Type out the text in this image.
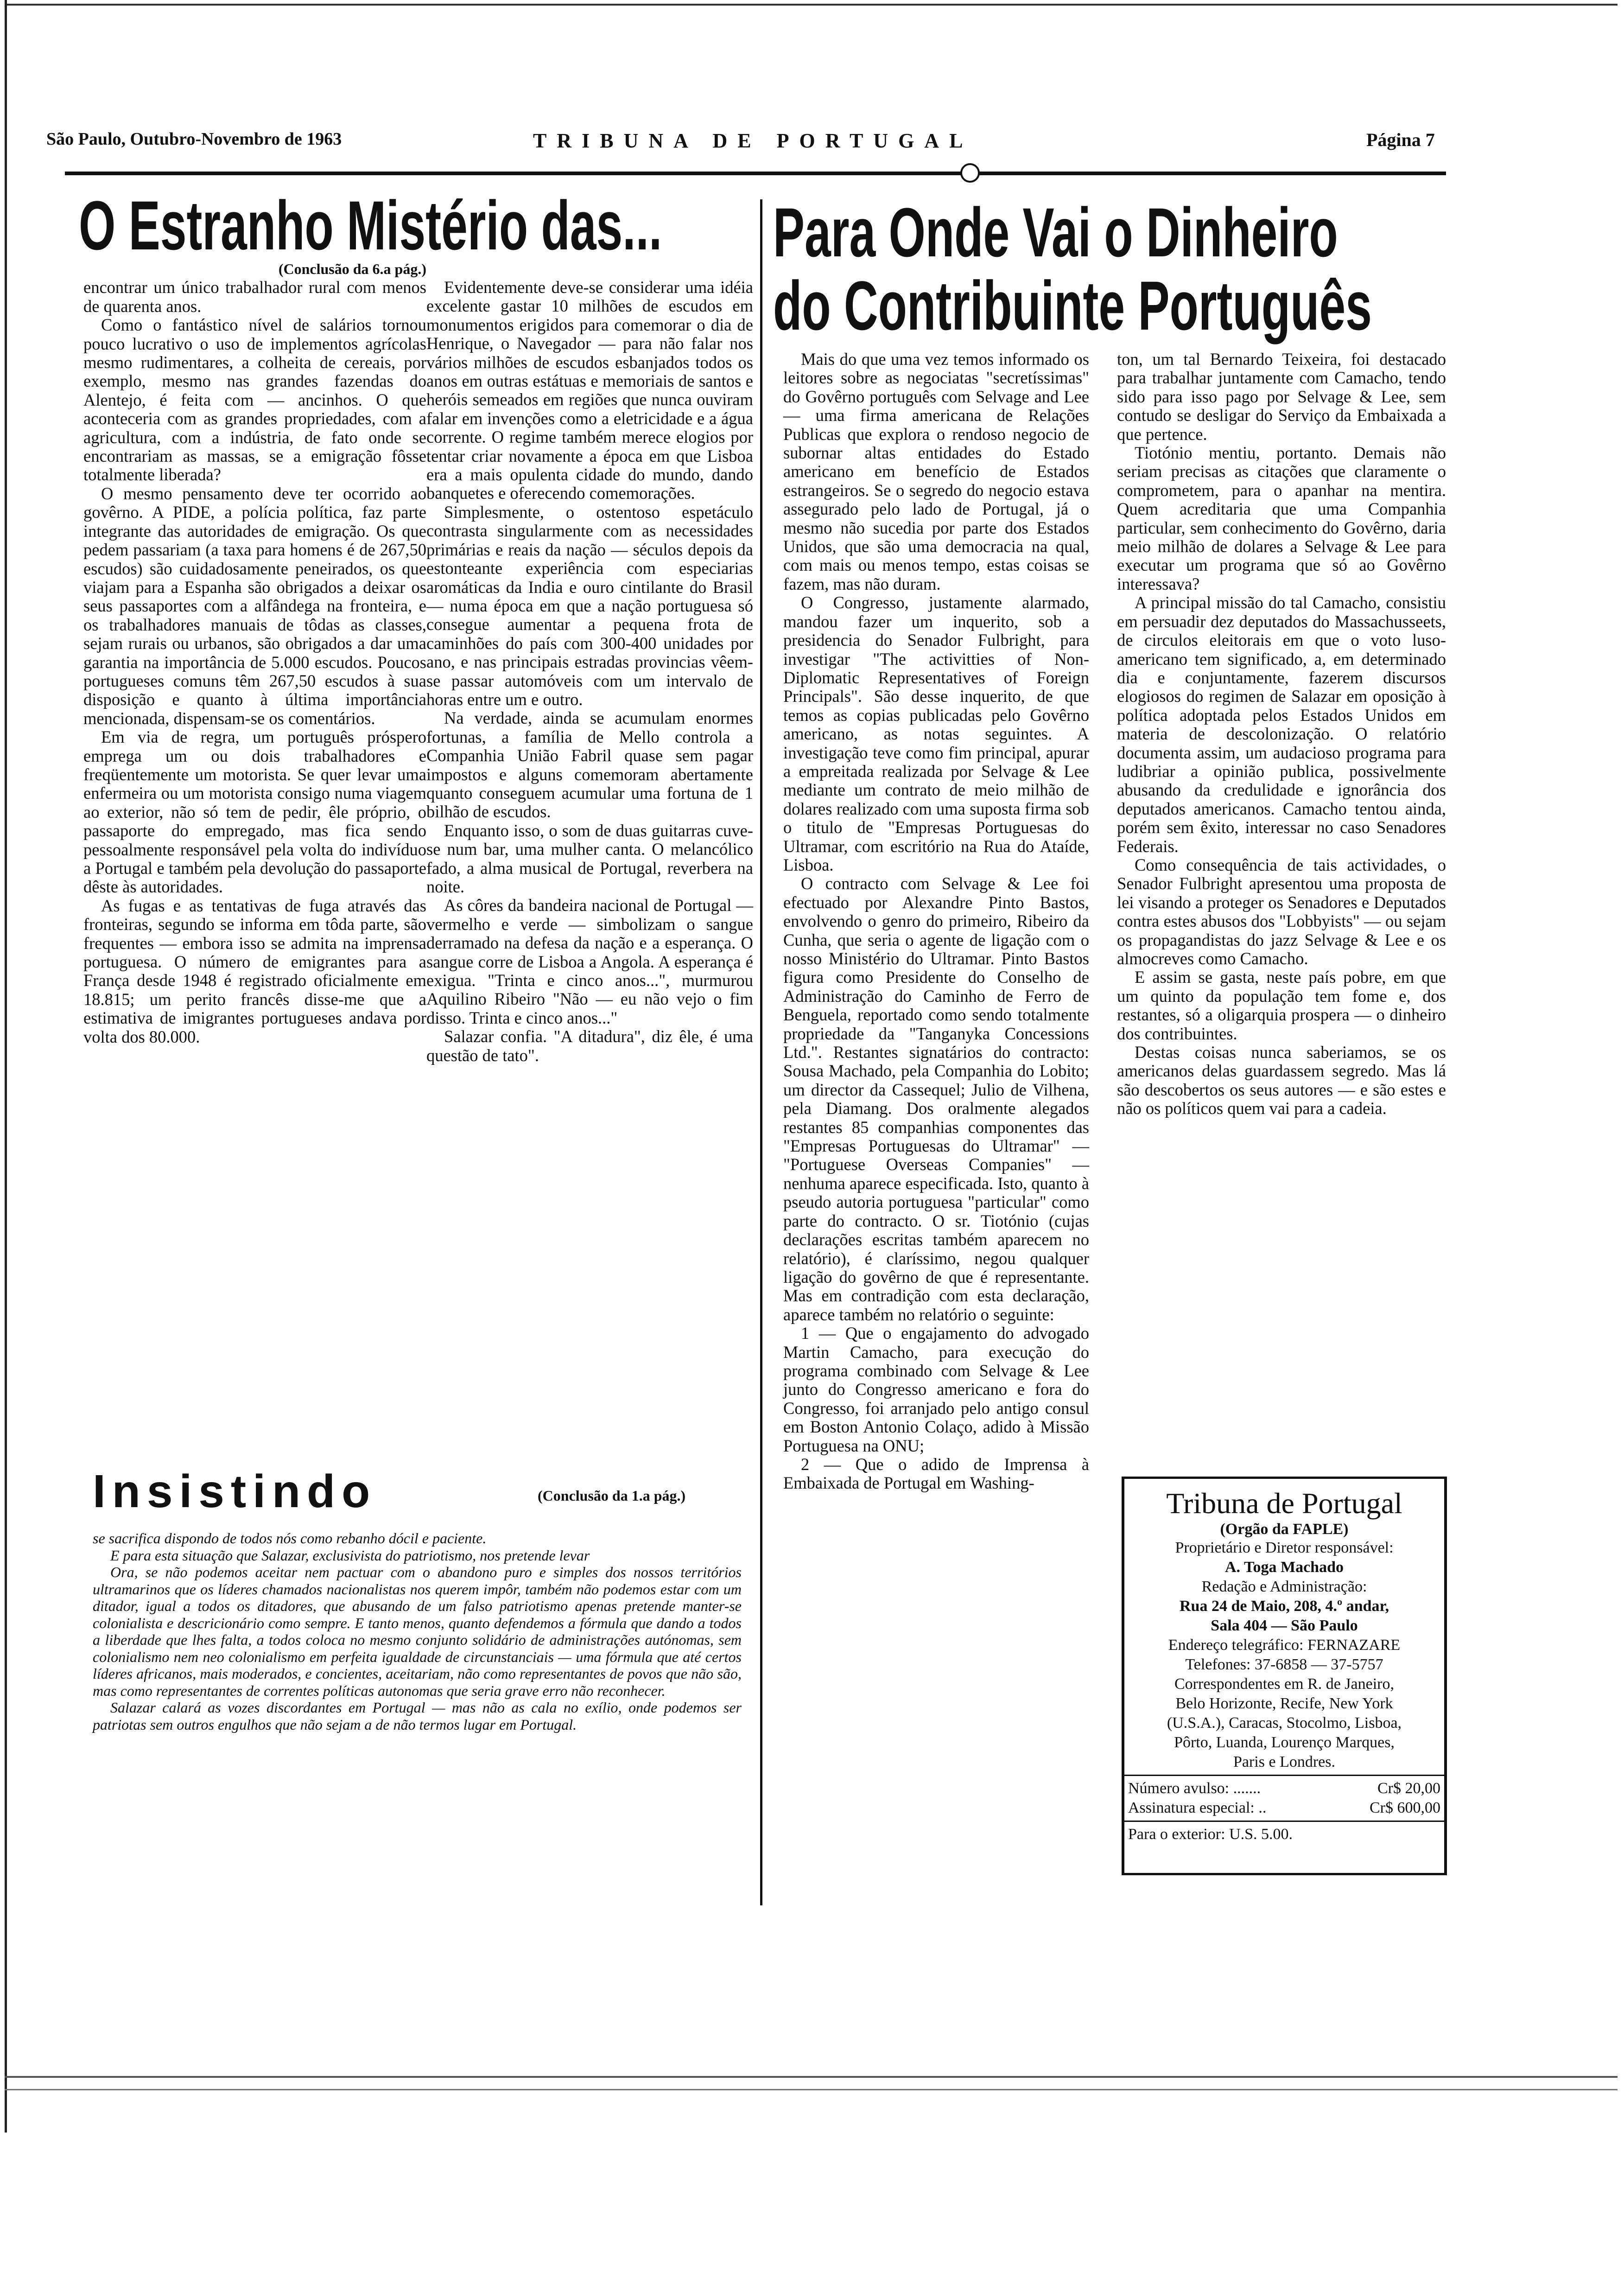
São Paulo, Outubro-Novembro de 1963	TRIBUNA DE PORTUGAL	Página 7
O Estranho Mistério das...

(Conclusão da 6.a pág.)

encontrar um único trabalhador rural com menos de quarenta anos.

Como o fantástico nível de salários tornou pouco lucrativo o uso de implementos agrícolas mesmo rudimentares, a colheita de cereais, por exemplo, mesmo nas grandes fazendas do Alentejo, é feita com — ancinhos. O que aconteceria com as grandes propriedades, com a agricultura, com a indústria, de fato onde se encontrariam as massas, se a emigração fôsse totalmente liberada?

O mesmo pensamento deve ter ocorrido ao govêrno. A PIDE, a polícia política, faz parte integrante das autoridades de emigração. Os que pedem passariam (a taxa para homens é de 267,50 escudos) são cuidadosamente peneirados, os que viajam para a Espanha são obrigados a deixar os seus passaportes com a alfândega na fronteira, e os trabalhadores manuais de tôdas as classes, sejam rurais ou urbanos, são obrigados a dar uma garantia na importância de 5.000 escudos. Poucos portugueses comuns têm 267,50 escudos à sua disposição e quanto à última importância mencionada, dispensam-se os comentários.

Em via de regra, um português próspero emprega um ou dois trabalhadores e freqüentemente um motorista. Se quer levar uma enfermeira ou um motorista consigo numa viagem ao exterior, não só tem de pedir, êle próprio, o passaporte do empregado, mas fica sendo pessoalmente responsável pela volta do indivíduo a Portugal e também pela devolução do passaporte dêste às autoridades.

As fugas e as tentativas de fuga através das fronteiras, segundo se informa em tôda parte, são frequentes — embora isso se admita na imprensa portuguesa. O número de emigrantes para a França desde 1948 é registrado oficialmente em 18.815; um perito francês disse-me que a estimativa de imigrantes portugueses andava por volta dos 80.000.

Evidentemente deve-se considerar uma idéia excelente gastar 10 milhões de escudos em monumentos erigidos para comemorar o dia de Henrique, o Navegador — para não falar nos vários milhões de escudos esbanjados todos os anos em outras estátuas e memoriais de santos e heróis semeados em regiões que nunca ouviram falar em invenções como a eletricidade e a água corrente. O regime também merece elogios por tentar criar novamente a época em que Lisboa era a mais opulenta cidade do mundo, dando banquetes e oferecendo comemorações.

Simplesmente, o ostentoso espetáculo contrasta singularmente com as necessidades primárias e reais da nação — séculos depois da estonteante experiência com especiarias aromáticas da India e ouro cintilante do Brasil — numa época em que a nação portuguesa só consegue aumentar a pequena frota de caminhões do país com 300-400 unidades por ano, e nas principais estradas provincias vêem-se passar automóveis com um intervalo de horas entre um e outro.

Na verdade, ainda se acumulam enormes fortunas, a família de Mello controla a Companhia União Fabril quase sem pagar impostos e alguns comemoram abertamente quanto conseguem acumular uma fortuna de 1 bilhão de escudos.

Enquanto isso, o som de duas guitarras cuve-se num bar, uma mulher canta. O melancólico fado, a alma musical de Portugal, reverbera na noite.

As côres da bandeira nacional de Portugal — vermelho e verde — simbolizam o sangue derramado na defesa da nação e a esperança. O sangue corre de Lisboa a Angola. A esperança é exigua. "Trinta e cinco anos...", murmurou Aquilino Ribeiro "Não — eu não vejo o fim disso. Trinta e cinco anos..."

Salazar confia. "A ditadura", diz êle, é uma questão de tato".

Insistindo	(Conclusão da 1.a pág.)

se sacrifica dispondo de todos nós como rebanho dócil e paciente.

E para esta situação que Salazar, exclusivista do patriotismo, nos pretende levar

Ora, se não podemos aceitar nem pactuar com o abandono puro e simples dos nossos territórios ultramarinos que os líderes chamados nacionalistas nos querem impôr, também não podemos estar com um ditador, igual a todos os ditadores, que abusando de um falso patriotismo apenas pretende manter-se colonialista e descricionário como sempre. E tanto menos, quanto defendemos a fórmula que dando a todos a liberdade que lhes falta, a todos coloca no mesmo conjunto solidário de administrações autónomas, sem colonialismo nem neo colonialismo em perfeita igualdade de circunstanciais — uma fórmula que até certos líderes africanos, mais moderados, e concientes, aceitariam, não como representantes de povos que não são, mas como representantes de correntes políticas autonomas que seria grave erro não reconhecer.

Salazar calará as vozes discordantes em Portugal — mas não as cala no exílio, onde podemos ser patriotas sem outros engulhos que não sejam a de não termos lugar em Portugal.

Para Onde Vai o Dinheiro
do Contribuinte Português

Mais do que uma vez temos informado os leitores sobre as negociatas "secretíssimas" do Govêrno português com Selvage and Lee — uma firma americana de Relações Publicas que explora o rendoso negocio de subornar altas entidades do Estado americano em benefício de Estados estrangeiros. Se o segredo do negocio estava assegurado pelo lado de Portugal, já o mesmo não sucedia por parte dos Estados Unidos, que são uma democracia na qual, com mais ou menos tempo, estas coisas se fazem, mas não duram.

O Congresso, justamente alarmado, mandou fazer um inquerito, sob a presidencia do Senador Fulbright, para investigar "The activitties of Non-Diplomatic Representatives of Foreign Principals". São desse inquerito, de que temos as copias publicadas pelo Govêrno americano, as notas seguintes. A investigação teve como fim principal, apurar a empreitada realizada por Selvage & Lee mediante um contrato de meio milhão de dolares realizado com uma suposta firma sob o titulo de "Empresas Portuguesas do Ultramar, com escritório na Rua do Ataíde, Lisboa.

O contracto com Selvage & Lee foi efectuado por Alexandre Pinto Bastos, envolvendo o genro do primeiro, Ribeiro da Cunha, que seria o agente de ligação com o nosso Ministério do Ultramar. Pinto Bastos figura como Presidente do Conselho de Administração do Caminho de Ferro de Benguela, reportado como sendo totalmente propriedade da "Tanganyka Concessions Ltd.". Restantes signatários do contracto: Sousa Machado, pela Companhia do Lobito; um director da Cassequel; Julio de Vilhena, pela Diamang. Dos oralmente alegados restantes 85 companhias componentes das "Empresas Portuguesas do Ultramar" — "Portuguese Overseas Companies" — nenhuma aparece especificada. Isto, quanto à pseudo autoria portuguesa "particular" como parte do contracto. O sr. Tiotónio (cujas declarações escritas também aparecem no relatório), é claríssimo, negou qualquer ligação do govêrno de que é representante. Mas em contradição com esta declaração, aparece também no relatório o seguinte:

1 — Que o engajamento do advogado Martin Camacho, para execução do programa combinado com Selvage & Lee junto do Congresso americano e fora do Congresso, foi arranjado pelo antigo consul em Boston Antonio Colaço, adido à Missão Portuguesa na ONU;

2 — Que o adido de Imprensa à Embaixada de Portugal em Washing-

ton, um tal Bernardo Teixeira, foi destacado para trabalhar juntamente com Camacho, tendo sido para isso pago por Selvage & Lee, sem contudo se desligar do Serviço da Embaixada a que pertence.

Tiotónio mentiu, portanto. Demais não seriam precisas as citações que claramente o comprometem, para o apanhar na mentira. Quem acreditaria que uma Companhia particular, sem conhecimento do Govêrno, daria meio milhão de dolares a Selvage & Lee para executar um programa que só ao Govêrno interessava?

A principal missão do tal Camacho, consistiu em persuadir dez deputados do Massachusseets, de circulos eleitorais em que o voto luso-americano tem significado, a, em determinado dia e conjuntamente, fazerem discursos elogiosos do regimen de Salazar em oposição à política adoptada pelos Estados Unidos em materia de descolonização. O relatório documenta assim, um audacioso programa para ludibriar a opinião publica, possivelmente abusando da credulidade e ignorância dos deputados americanos. Camacho tentou ainda, porém sem êxito, interessar no caso Senadores Federais.

Como consequência de tais actividades, o Senador Fulbright apresentou uma proposta de lei visando a proteger os Senadores e Deputados contra estes abusos dos "Lobbyists" — ou sejam os propagandistas do jazz Selvage & Lee e os almocreves como Camacho.

E assim se gasta, neste país pobre, em que um quinto da população tem fome e, dos restantes, só a oligarquia prospera — o dinheiro dos contribuintes.

Destas coisas nunca saberiamos, se os americanos delas guardassem segredo. Mas lá são descobertos os seus autores — e são estes e não os políticos quem vai para a cadeia.

Tribuna de Portugal
(Orgão da FAPLE)
Proprietário e Diretor responsável:
A. Toga Machado
Redação e Administração:
Rua 24 de Maio, 208, 4.º andar,
Sala 404 — São Paulo
Endereço telegráfico: FERNAZARE
Telefones: 37-6858 — 37-5757
Correspondentes em R. de Janeiro,
Belo Horizonte, Recife, New York
(U.S.A.), Caracas, Stocolmo, Lisboa,
Pôrto, Luanda, Lourenço Marques,
Paris e Londres.
Número avulso: .......	Cr$ 20,00
Assinatura especial: ..	Cr$ 600,00
Para o exterior: U.S. 5.00.
